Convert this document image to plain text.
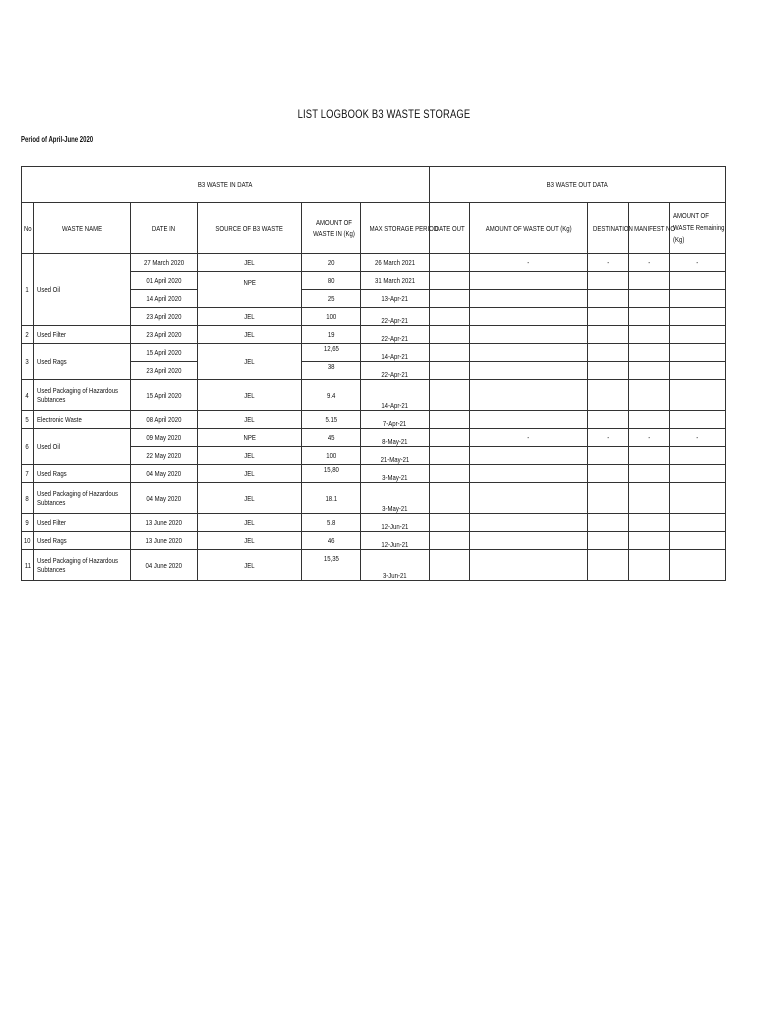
LIST LOGBOOK B3 WASTE STORAGE
Period of April-June 2020
B3 WASTE IN DATA						B3 WASTE OUT DATA				
No	WASTE NAME	DATE IN	SOURCE OF B3 WASTE	AMOUNT OF WASTE IN (Kg)	MAX STORAGE PERIOD	DATE OUT	AMOUNT OF WASTE OUT (Kg)	DESTINATION	MANIFEST NO	AMOUNT OF WASTE Remaining (Kg)

1	Used Oil	27 March 2020	JEL	20	26 March 2021		-	-	-	-
		01 April 2020	NPE	80	31 March 2021					
		14 April 2020		25	13-Apr-21					
		23 April 2020	JEL	100	22-Apr-21					
2	Used Filter	23 April 2020	JEL	19	22-Apr-21					
3	Used Rags	15 April 2020	JEL	12,65	14-Apr-21					
		23 April 2020		38	22-Apr-21					
4	Used Packaging of Hazardous Subtances	15 April 2020	JEL	9.4	14-Apr-21					
5	Electronic Waste	08 April 2020	JEL	5.15	7-Apr-21					
6	Used Oil	09 May 2020	NPE	45	8-May-21		-	-	-	-
		22 May 2020	JEL	100	21-May-21					
7	Used Rags	04 May 2020	JEL	15,80	3-May-21					
8	Used Packaging of Hazardous Subtances	04 May 2020	JEL	18.1	3-May-21					
9	Used Filter	13 June 2020	JEL	5.8	12-Jun-21					
10	Used Rags	13 June 2020	JEL	46	12-Jun-21					
11	Used Packaging of Hazardous Subtances	04 June 2020	JEL	15,35	3-Jun-21					
